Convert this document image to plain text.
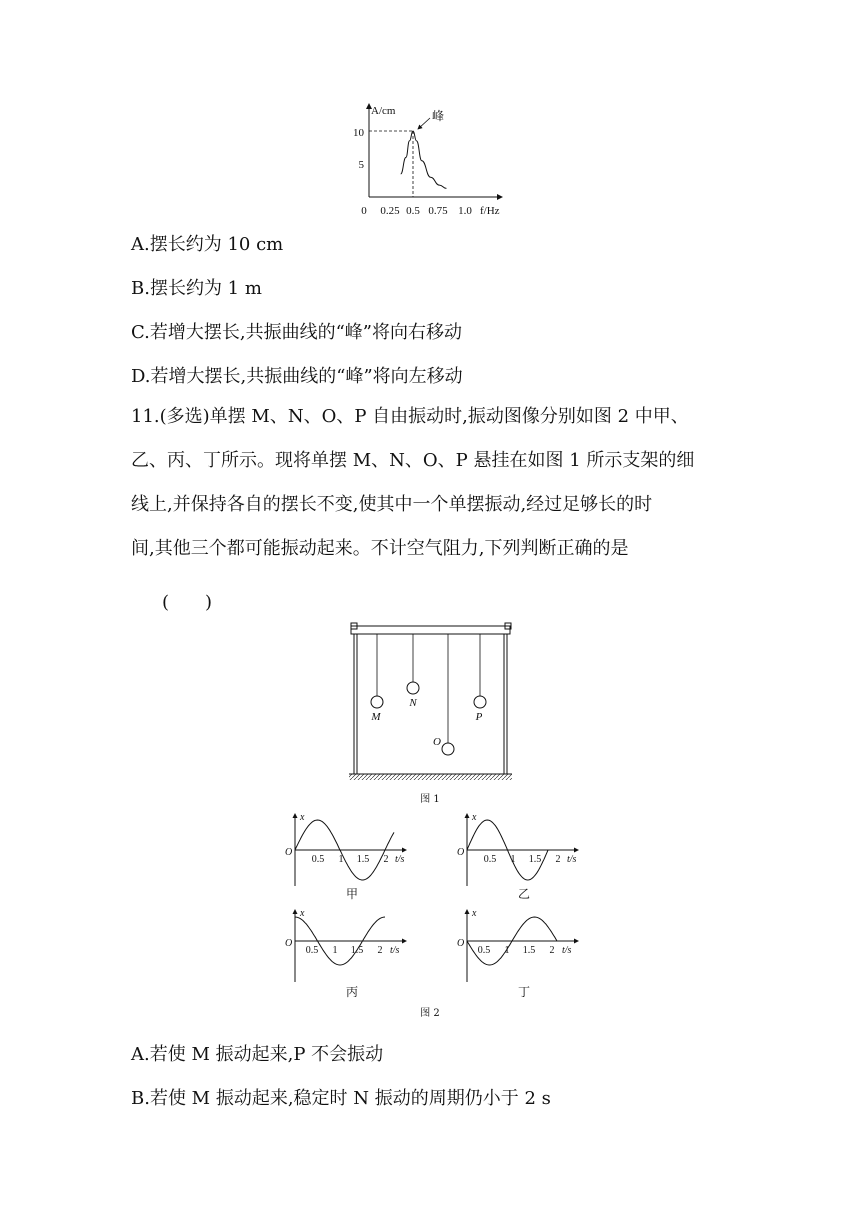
A/cm
f/Hz
0
10
5
0.25 0.5 0.75 1.0
峰
A.摆长约为 10 cm
B.摆长约为 1 m
C.若增大摆长,共振曲线的“峰”将向右移动
D.若增大摆长,共振曲线的“峰”将向左移动

11.(多选)单摆 M、N、O、P 自由振动时,振动图像分别如图 2 中甲、

乙、丙、丁所示。现将单摆 M、N、O、P 悬挂在如图 1 所示支架的细

线上,并保持各自的摆长不变,使其中一个单摆振动,经过足够长的时

间,其他三个都可能振动起来。不计空气阻力,下列判断正确的是

(　　)
M
N
O
P
图 1
x
O
0.5 1 1.5 2 t/s
甲
x
O
0.5 1 1.5 2 t/s
乙
x
O
0.5 1 1.5 2 t/s
丙
x
O
0.5 1 1.5 2 t/s
丁
图 2
A.若使 M 振动起来,P 不会振动
B.若使 M 振动起来,稳定时 N 振动的周期仍小于 2 s
